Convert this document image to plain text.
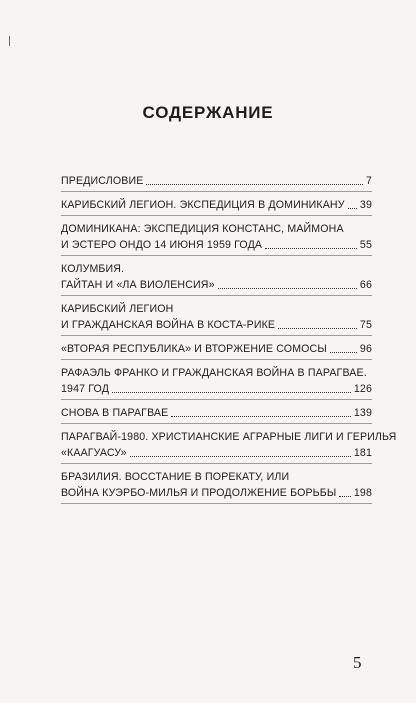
СОДЕРЖАНИЕ
ПРЕДИСЛОВИЕ	7
КАРИБСКИЙ ЛЕГИОН. ЭКСПЕДИЦИЯ В ДОМИНИКАНУ 39
ДОМИНИКАНА: ЭКСПЕДИЦИЯ КОНСТАНС, МАЙМОНА
И ЭСТЕРО ОНДО 14 ИЮНЯ 1959 ГОДА	55
КОЛУМБИЯ.
ГАЙТАН И «ЛА ВИОЛЕНСИЯ»	66
КАРИБСКИЙ ЛЕГИОН
И ГРАЖДАНСКАЯ ВОЙНА В КОСТА-РИКЕ	75
«ВТОРАЯ РЕСПУБЛИКА» И ВТОРЖЕНИЕ СОМОСЫ	96
РАФАЭЛЬ ФРАНКО И ГРАЖДАНСКАЯ ВОЙНА В ПАРАГВАЕ.
1947 ГОД	126
СНОВА В ПАРАГВАЕ	139
ПАРАГВАЙ-1980. ХРИСТИАНСКИЕ АГРАРНЫЕ ЛИГИ И ГЕРИЛЬЯ
«КААГУАСУ»	181
БРАЗИЛИЯ. ВОССТАНИЕ В ПОРЕКАТУ, ИЛИ
ВОЙНА КУЭРБО-МИЛЬЯ И ПРОДОЛЖЕНИЕ БОРЬБЫ 198
5
